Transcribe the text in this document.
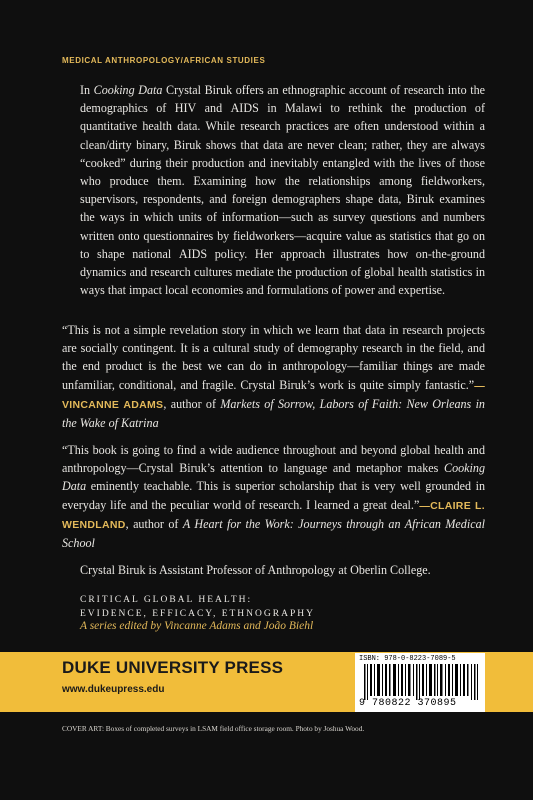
MEDICAL ANTHROPOLOGY/AFRICAN STUDIES
In Cooking Data Crystal Biruk offers an ethnographic account of research into the demographics of HIV and AIDS in Malawi to rethink the production of quantitative health data. While research practices are often understood within a clean/dirty binary, Biruk shows that data are never clean; rather, they are always “cooked” during their production and inevitably entangled with the lives of those who produce them. Examining how the relationships among fieldworkers, supervisors, respondents, and foreign demographers shape data, Biruk examines the ways in which units of information—such as survey questions and numbers written onto questionnaires by fieldworkers—acquire value as statistics that go on to shape national AIDS policy. Her approach illustrates how on-the-ground dynamics and research cultures mediate the production of global health statistics in ways that impact local economies and formulations of power and expertise.
“This is not a simple revelation story in which we learn that data in research projects are socially contingent. It is a cultural study of demography research in the field, and the end product is the best we can do in anthropology—familiar things are made unfamiliar, conditional, and fragile. Crystal Biruk’s work is quite simply fantastic.”—VINCANNE ADAMS, author of Markets of Sorrow, Labors of Faith: New Orleans in the Wake of Katrina
“This book is going to find a wide audience throughout and beyond global health and anthropology—Crystal Biruk’s attention to language and metaphor makes Cooking Data eminently teachable. This is superior scholarship that is very well grounded in everyday life and the peculiar world of research. I learned a great deal.”—CLAIRE L. WENDLAND, author of A Heart for the Work: Journeys through an African Medical School
Crystal Biruk is Assistant Professor of Anthropology at Oberlin College.
CRITICAL GLOBAL HEALTH:
EVIDENCE, EFFICACY, ETHNOGRAPHY
A series edited by Vincanne Adams and João Biehl
DUKE UNIVERSITY PRESS
www.dukeupress.edu
ISBN: 978-0-8223-7089-5
9 780822 370895
COVER ART: Boxes of completed surveys in LSAM field office storage room. Photo by Joshua Wood.
